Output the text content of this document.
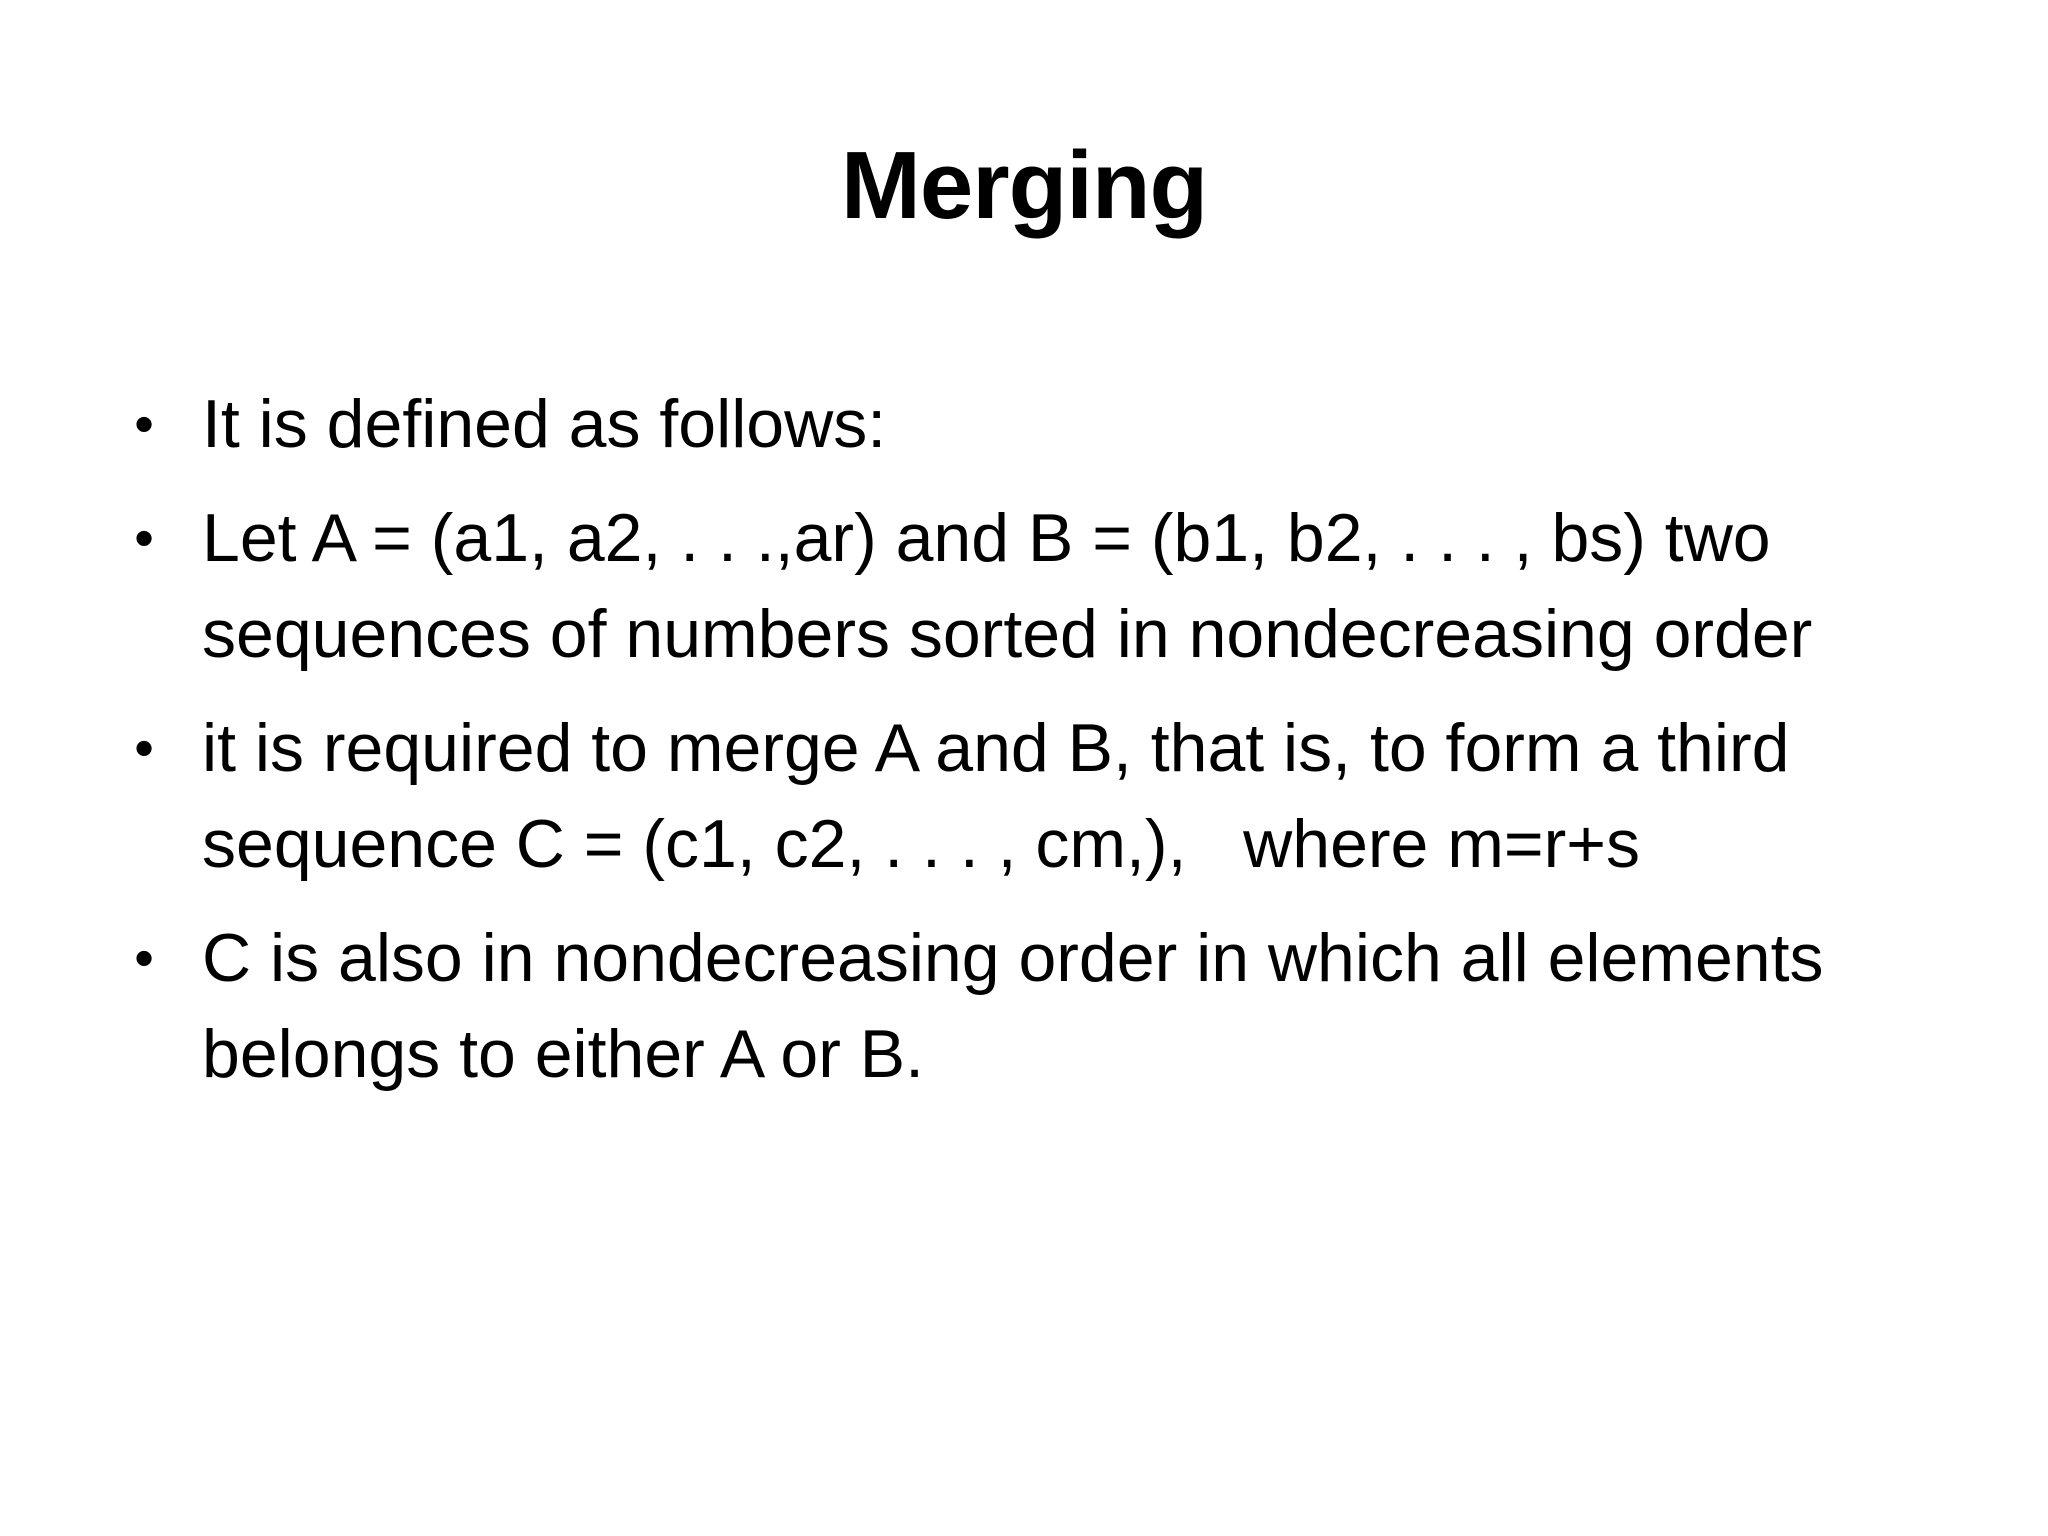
Merging
• It is defined as follows:
• Let A = (a1, a2, . . .,ar) and B = (b1, b2, . . . , bs) two sequences of numbers sorted in nondecreasing order
• it is required to merge A and B, that is, to form a third sequence C = (c1, c2, . . . , cm,),   where m=r+s
• C is also in nondecreasing order in which all elements belongs to either A or B.
